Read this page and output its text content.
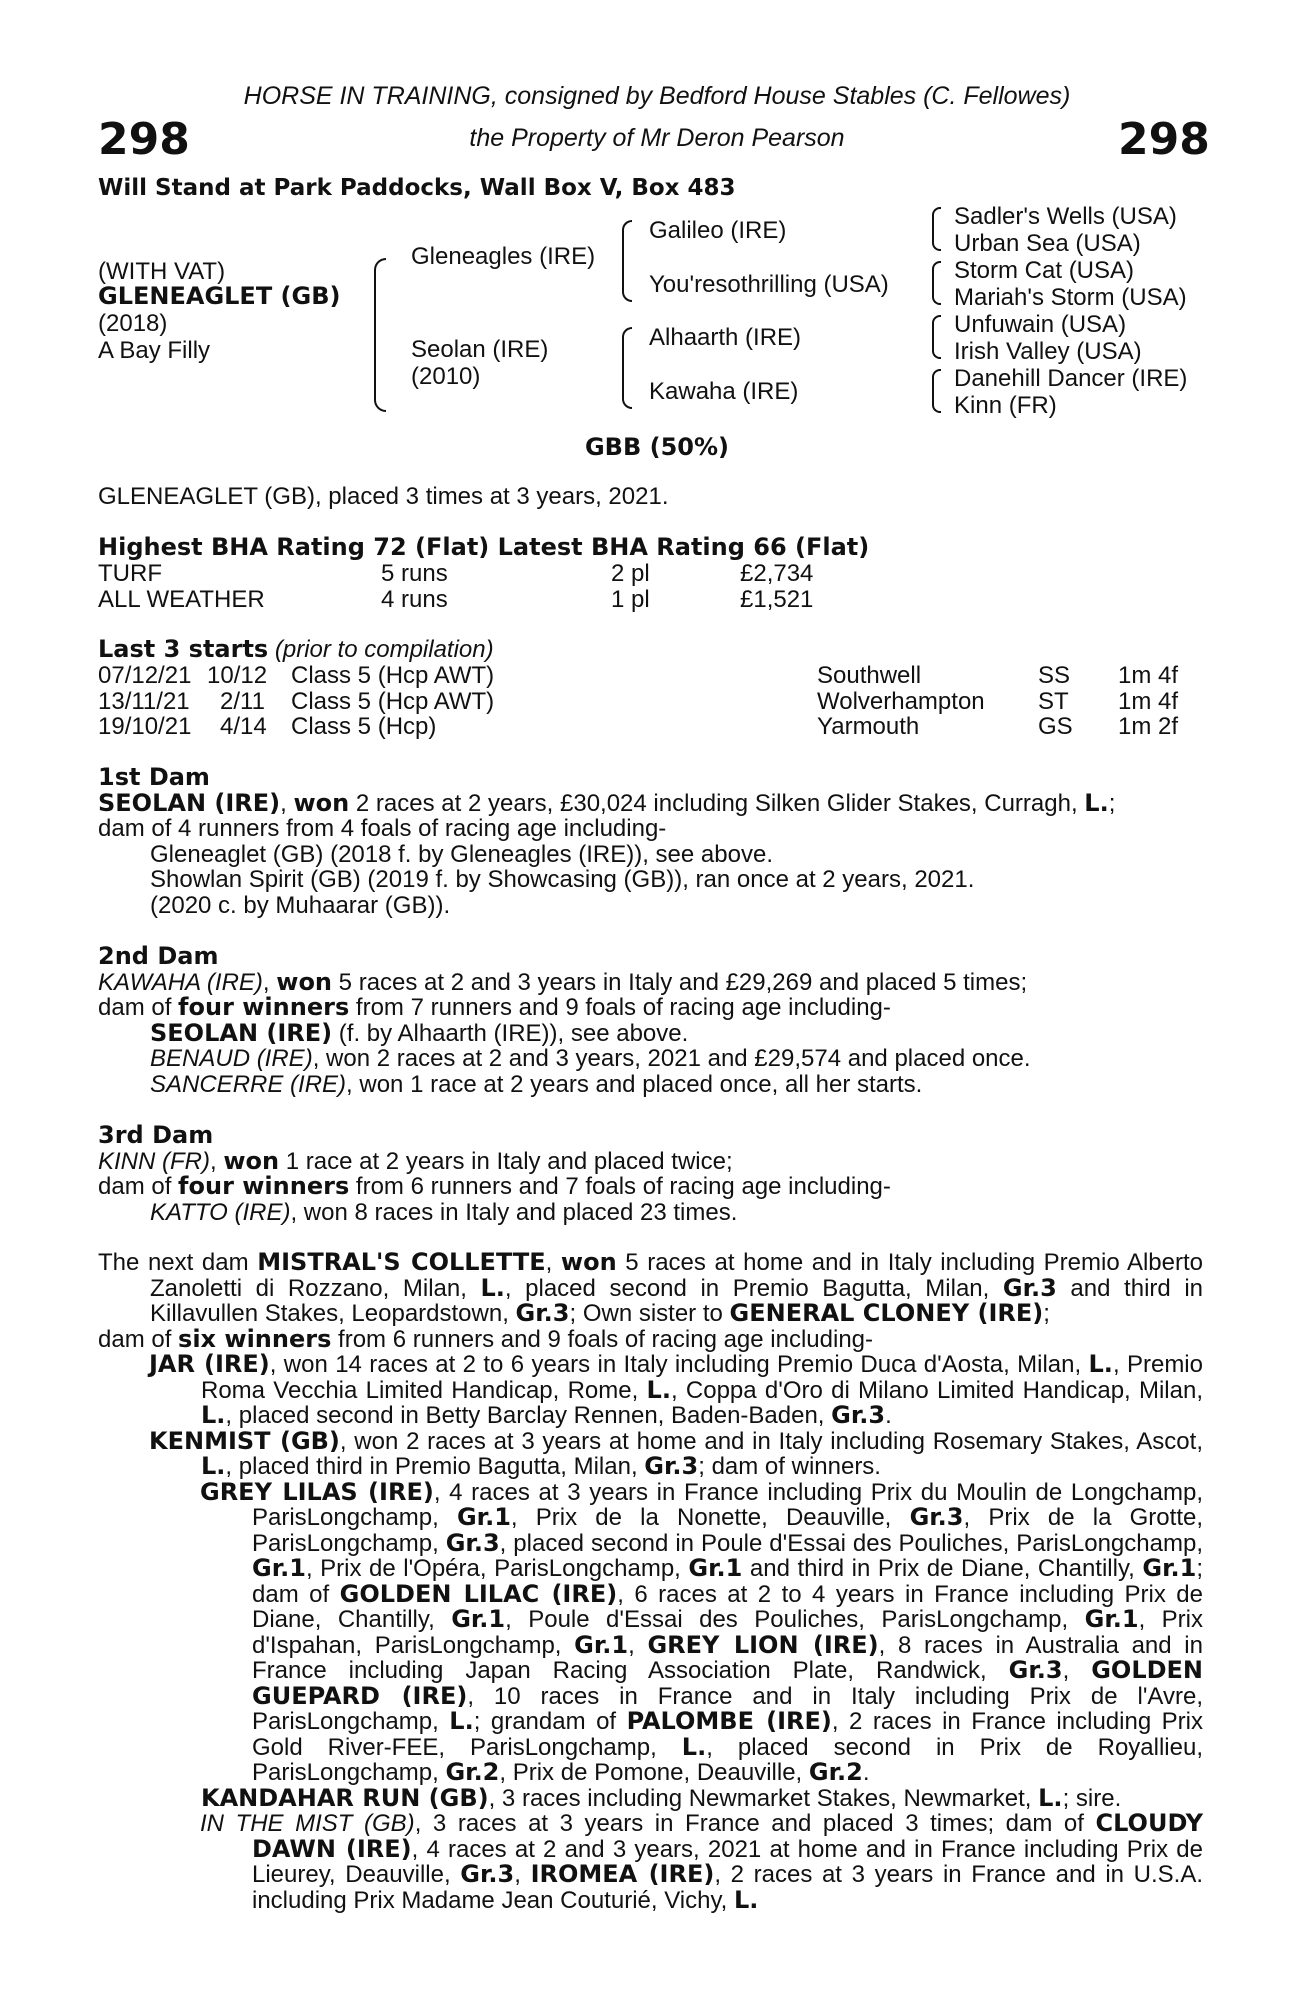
HORSE IN TRAINING, consigned by Bedford House Stables (C. Fellowes)
the Property of Mr Deron Pearson
298	298
Will Stand at Park Paddocks, Wall Box V, Box 483
(WITH VAT)
GLENEAGLET (GB)
(2018)
A Bay Filly
Gleneagles (IRE)
Seolan (IRE)
(2010)
Galileo (IRE)
You'resothrilling (USA)
Alhaarth (IRE)
Kawaha (IRE)
Sadler's Wells (USA)
Urban Sea (USA)
Storm Cat (USA)
Mariah's Storm (USA)
Unfuwain (USA)
Irish Valley (USA)
Danehill Dancer (IRE)
Kinn (FR)
GBB (50%)
GLENEAGLET (GB), placed 3 times at 3 years, 2021.
Highest BHA Rating 72 (Flat) Latest BHA Rating 66 (Flat)
TURF	5 runs	2 pl	£2,734
ALL WEATHER	4 runs	1 pl	£1,521
Last 3 starts (prior to compilation)
07/12/21 10/12 Class 5 (Hcp AWT)	Southwell	SS 1m 4f
13/11/21 2/11 Class 5 (Hcp AWT)	Wolverhampton ST 1m 4f
19/10/21 4/14 Class 5 (Hcp)	Yarmouth	GS 1m 2f

1st Dam

SEOLAN (IRE), won 2 races at 2 years, £30,024 including Silken Glider Stakes, Curragh, L.;

dam of 4 runners from 4 foals of racing age including-

Gleneaglet (GB) (2018 f. by Gleneagles (IRE)), see above.

Showlan Spirit (GB) (2019 f. by Showcasing (GB)), ran once at 2 years, 2021.

(2020 c. by Muhaarar (GB)).

2nd Dam

KAWAHA (IRE), won 5 races at 2 and 3 years in Italy and £29,269 and placed 5 times;

dam of four winners from 7 runners and 9 foals of racing age including-

SEOLAN (IRE) (f. by Alhaarth (IRE)), see above.

BENAUD (IRE), won 2 races at 2 and 3 years, 2021 and £29,574 and placed once.

SANCERRE (IRE), won 1 race at 2 years and placed once, all her starts.

3rd Dam

KINN (FR), won 1 race at 2 years in Italy and placed twice;

dam of four winners from 6 runners and 7 foals of racing age including-

KATTO (IRE), won 8 races in Italy and placed 23 times.

The next dam MISTRAL'S COLLETTE, won 5 races at home and in Italy including Premio Alberto Zanoletti di Rozzano, Milan, L., placed second in Premio Bagutta, Milan, Gr.3 and third in Killavullen Stakes, Leopardstown, Gr.3; Own sister to GENERAL CLONEY (IRE);

dam of six winners from 6 runners and 9 foals of racing age including-

JAR (IRE), won 14 races at 2 to 6 years in Italy including Premio Duca d'Aosta, Milan, L., Premio Roma Vecchia Limited Handicap, Rome, L., Coppa d'Oro di Milano Limited Handicap, Milan, L., placed second in Betty Barclay Rennen, Baden-Baden, Gr.3.

KENMIST (GB), won 2 races at 3 years at home and in Italy including Rosemary Stakes, Ascot, L., placed third in Premio Bagutta, Milan, Gr.3; dam of winners.

GREY LILAS (IRE), 4 races at 3 years in France including Prix du Moulin de Longchamp, ParisLongchamp, Gr.1, Prix de la Nonette, Deauville, Gr.3, Prix de la Grotte, ParisLongchamp, Gr.3, placed second in Poule d'Essai des Pouliches, ParisLongchamp, Gr.1, Prix de l'Opéra, ParisLongchamp, Gr.1 and third in Prix de Diane, Chantilly, Gr.1; dam of GOLDEN LILAC (IRE), 6 races at 2 to 4 years in France including Prix de Diane, Chantilly, Gr.1, Poule d'Essai des Pouliches, ParisLongchamp, Gr.1, Prix d'Ispahan, ParisLongchamp, Gr.1, GREY LION (IRE), 8 races in Australia and in France including Japan Racing Association Plate, Randwick, Gr.3, GOLDEN GUEPARD (IRE), 10 races in France and in Italy including Prix de l'Avre, ParisLongchamp, L.; grandam of PALOMBE (IRE), 2 races in France including Prix Gold River-FEE, ParisLongchamp, L., placed second in Prix de Royallieu, ParisLongchamp, Gr.2, Prix de Pomone, Deauville, Gr.2.

KANDAHAR RUN (GB), 3 races including Newmarket Stakes, Newmarket, L.; sire.

IN THE MIST (GB), 3 races at 3 years in France and placed 3 times; dam of CLOUDY DAWN (IRE), 4 races at 2 and 3 years, 2021 at home and in France including Prix de Lieurey, Deauville, Gr.3, IROMEA (IRE), 2 races at 3 years in France and in U.S.A. including Prix Madame Jean Couturié, Vichy, L.
